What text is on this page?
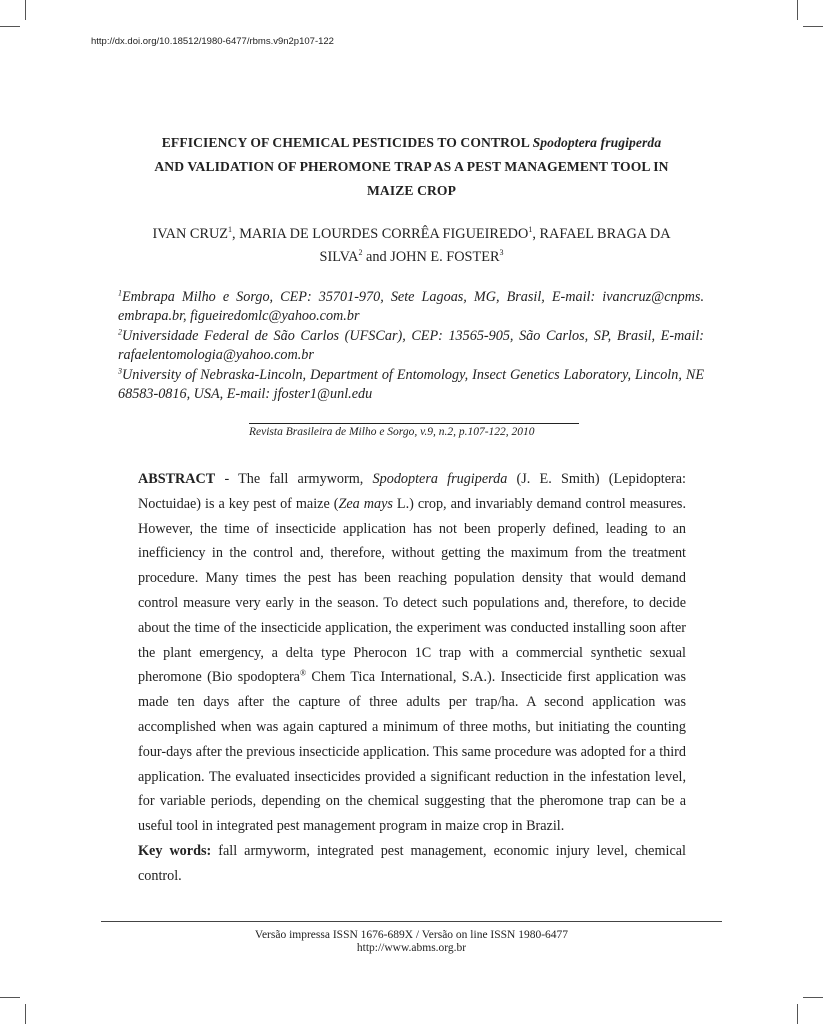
http://dx.doi.org/10.18512/1980-6477/rbms.v9n2p107-122
EFFICIENCY OF CHEMICAL PESTICIDES TO CONTROL Spodoptera frugiperda
AND VALIDATION OF PHEROMONE TRAP AS A PEST MANAGEMENT TOOL IN
MAIZE CROP
IVAN CRUZ$^1$, MARIA DE LOURDES CORRÊA FIGUEIREDO$^1$, RAFAEL BRAGA DA
SILVA$^2$ and JOHN E. FOSTER$^3$

$^1$Embrapa Milho e Sorgo, CEP: 35701-970, Sete Lagoas, MG, Brasil, E-mail: ivancruz@cnpms. embrapa.br, figueiredomlc@yahoo.com.br

$^2$Universidade Federal de São Carlos (UFSCar), CEP: 13565-905, São Carlos, SP, Brasil, E-mail: rafaelentomologia@yahoo.com.br

$^3$University of Nebraska-Lincoln, Department of Entomology, Insect Genetics Laboratory, Lincoln, NE 68583-0816, USA, E-mail: jfoster1@unl.edu

Revista Brasileira de Milho e Sorgo, v.9, n.2, p.107-122, 2010

ABSTRACT - The fall armyworm, Spodoptera frugiperda (J. E. Smith) (Lepidoptera: Noctuidae) is a key pest of maize (Zea mays L.) crop, and invariably demand control measures. However, the time of insecticide application has not been properly defined, leading to an inefficiency in the control and, therefore, without getting the maximum from the treatment procedure. Many times the pest has been reaching population density that would demand control measure very early in the season. To detect such populations and, therefore, to decide about the time of the insecticide application, the experiment was conducted installing soon after the plant emergency, a delta type Pherocon 1C trap with a commercial synthetic sexual pheromone (Bio spodoptera® Chem Tica International, S.A.). Insecticide first application was made ten days after the capture of three adults per trap/ha. A second application was accomplished when was again captured a minimum of three moths, but initiating the counting four-days after the previous insecticide application. This same procedure was adopted for a third application. The evaluated insecticides provided a significant reduction in the infestation level, for variable periods, depending on the chemical suggesting that the pheromone trap can be a useful tool in integrated pest management program in maize crop in Brazil.

Key words: fall armyworm, integrated pest management, economic injury level, chemical control.

Versão impressa ISSN 1676-689X / Versão on line ISSN 1980-6477
http://www.abms.org.br
